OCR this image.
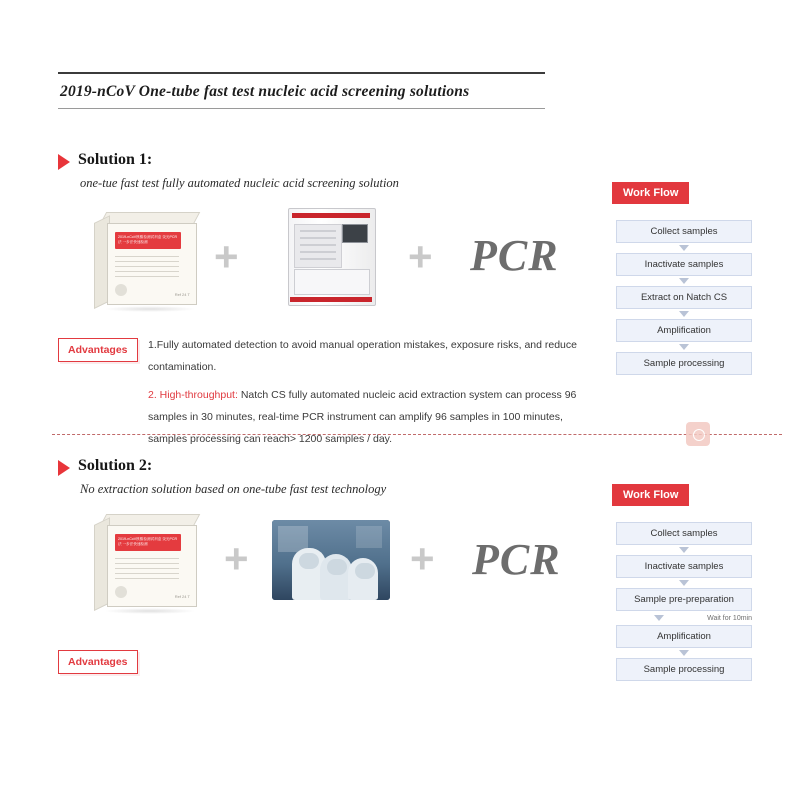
2019-nCoV One-tube fast test nucleic acid screening solutions
Solution 1:
one-tue fast test fully automated nucleic acid screening solution
2019-nCoV核酸检测试剂盒 荧光PCR法 一步法快速检测
Ref 24 T
+	+ PCR
Advantages	1.Fully automated detection to avoid manual operation mistakes, exposure risks, and reduce contamination.

2. High-throughput: Natch CS fully automated nucleic acid extraction system can process 96 samples in 30 minutes, real-time PCR instrument can amplify 96 samples in 100 minutes, samples processing can reach> 1200 samples / day.

Work Flow
Collect samples
Inactivate samples
Extract on Natch CS
Amplification
Sample processing
Solution 2:
No extraction solution based on one-tube fast test technology
2019-nCoV核酸检测试剂盒 荧光PCR法 一步法快速检测
Ref 24 T
+	+ PCR
Advantages
Work Flow
Collect samples
Inactivate samples
Sample pre-preparation
Wait for 10min
Amplification
Sample processing
